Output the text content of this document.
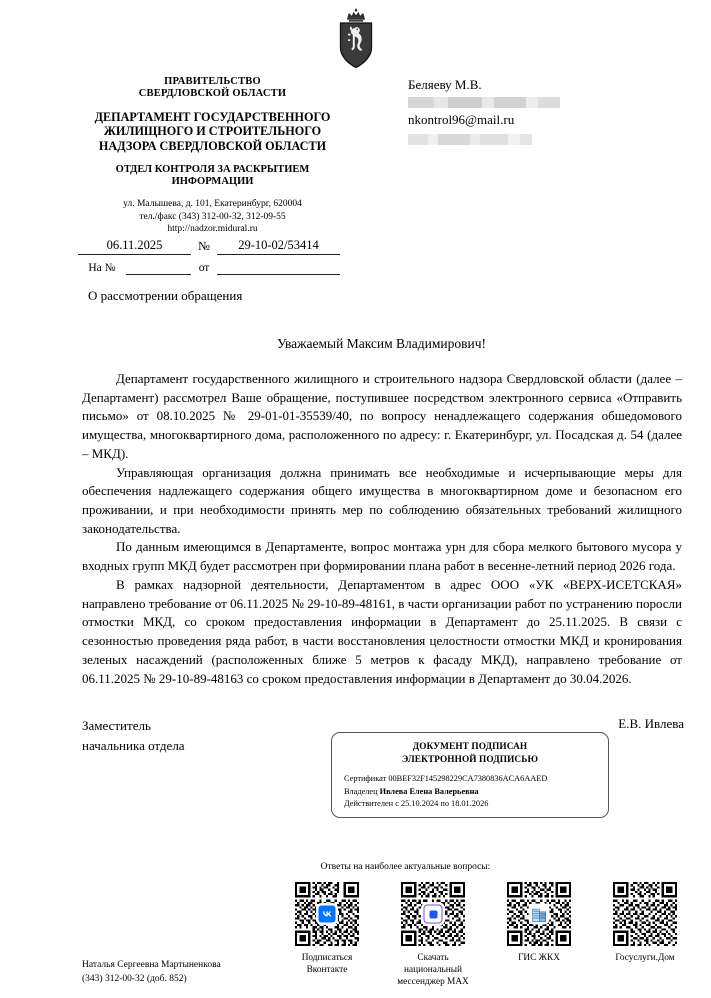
ПРАВИТЕЛЬСТВО
СВЕРДЛОВСКОЙ ОБЛАСТИ
ДЕПАРТАМЕНТ ГОСУДАРСТВЕННОГО
ЖИЛИЩНОГО И СТРОИТЕЛЬНОГО
НАДЗОРА СВЕРДЛОВСКОЙ ОБЛАСТИ
ОТДЕЛ КОНТРОЛЯ ЗА РАСКРЫТИЕМ
ИНФОРМАЦИИ
ул. Малышева, д. 101, Екатеринбург, 620004
тел./факс (343) 312-00-32, 312-09-55
http://nadzor.midural.ru
Беляеву М.В.
nkontrol96@mail.ru
06.11.2025	№	29-10-02/53414
На №	от
О рассмотрении обращения
Уважаемый Максим Владимирович!

Департамент государственного жилищного и строительного надзора Свердловской области (далее – Департамент) рассмотрел Ваше обращение, поступившее посредством электронного сервиса «Отправить письмо» от 08.10.2025 № 29-01-01-35539/40, по вопросу ненадлежащего содержания обшедомового имущества, многоквартирного дома, расположенного по адресу: г. Екатеринбург, ул. Посадская д. 54 (далее – МКД).

Управляющая организация должна принимать все необходимые и исчерпывающие меры для обеспечения надлежащего содержания общего имущества в многоквартирном доме и безопасном его проживании, и при необходимости принять мер по соблюдению обязательных требований жилищного законодательства.

По данным имеющимся в Департаменте, вопрос монтажа урн для сбора мелкого бытового мусора у входных групп МКД будет рассмотрен при формировании плана работ в весенне-летний период 2026 года.

В рамках надзорной деятельности, Департаментом в адрес ООО «УК «ВЕРХ-ИСЕТСКАЯ» направлено требование от 06.11.2025 № 29-10-89-48161, в части организации работ по устранению поросли отмостки МКД, со сроком предоставления информации в Департамент до 25.11.2025. В связи с сезонностью проведения ряда работ, в части восстановления целостности отмостки МКД и кронирования зеленых насаждений (расположенных ближе 5 метров к фасаду МКД), направлено требование от 06.11.2025 № 29-10-89-48163 со сроком предоставления информации в Департамент до 30.04.2026.

Заместитель
начальника отдела
Е.В. Ивлева
ДОКУМЕНТ ПОДПИСАН
ЭЛЕКТРОННОЙ ПОДПИСЬЮ
Сертификат 00BEF32F145298229CA7380836ACA6AAED
Владелец Ивлева Елена Валерьевна
Действителен с 25.10.2024 по 18.01.2026
Ответы на наиболее актуальные вопросы:
Подписаться
Вконтакте
Скачать
национальный
мессенджер МАХ
ГИС ЖКХ	Госуслуги.Дом
Наталья Сергеевна Мартыненкова
(343) 312-00-32 (доб. 852)
